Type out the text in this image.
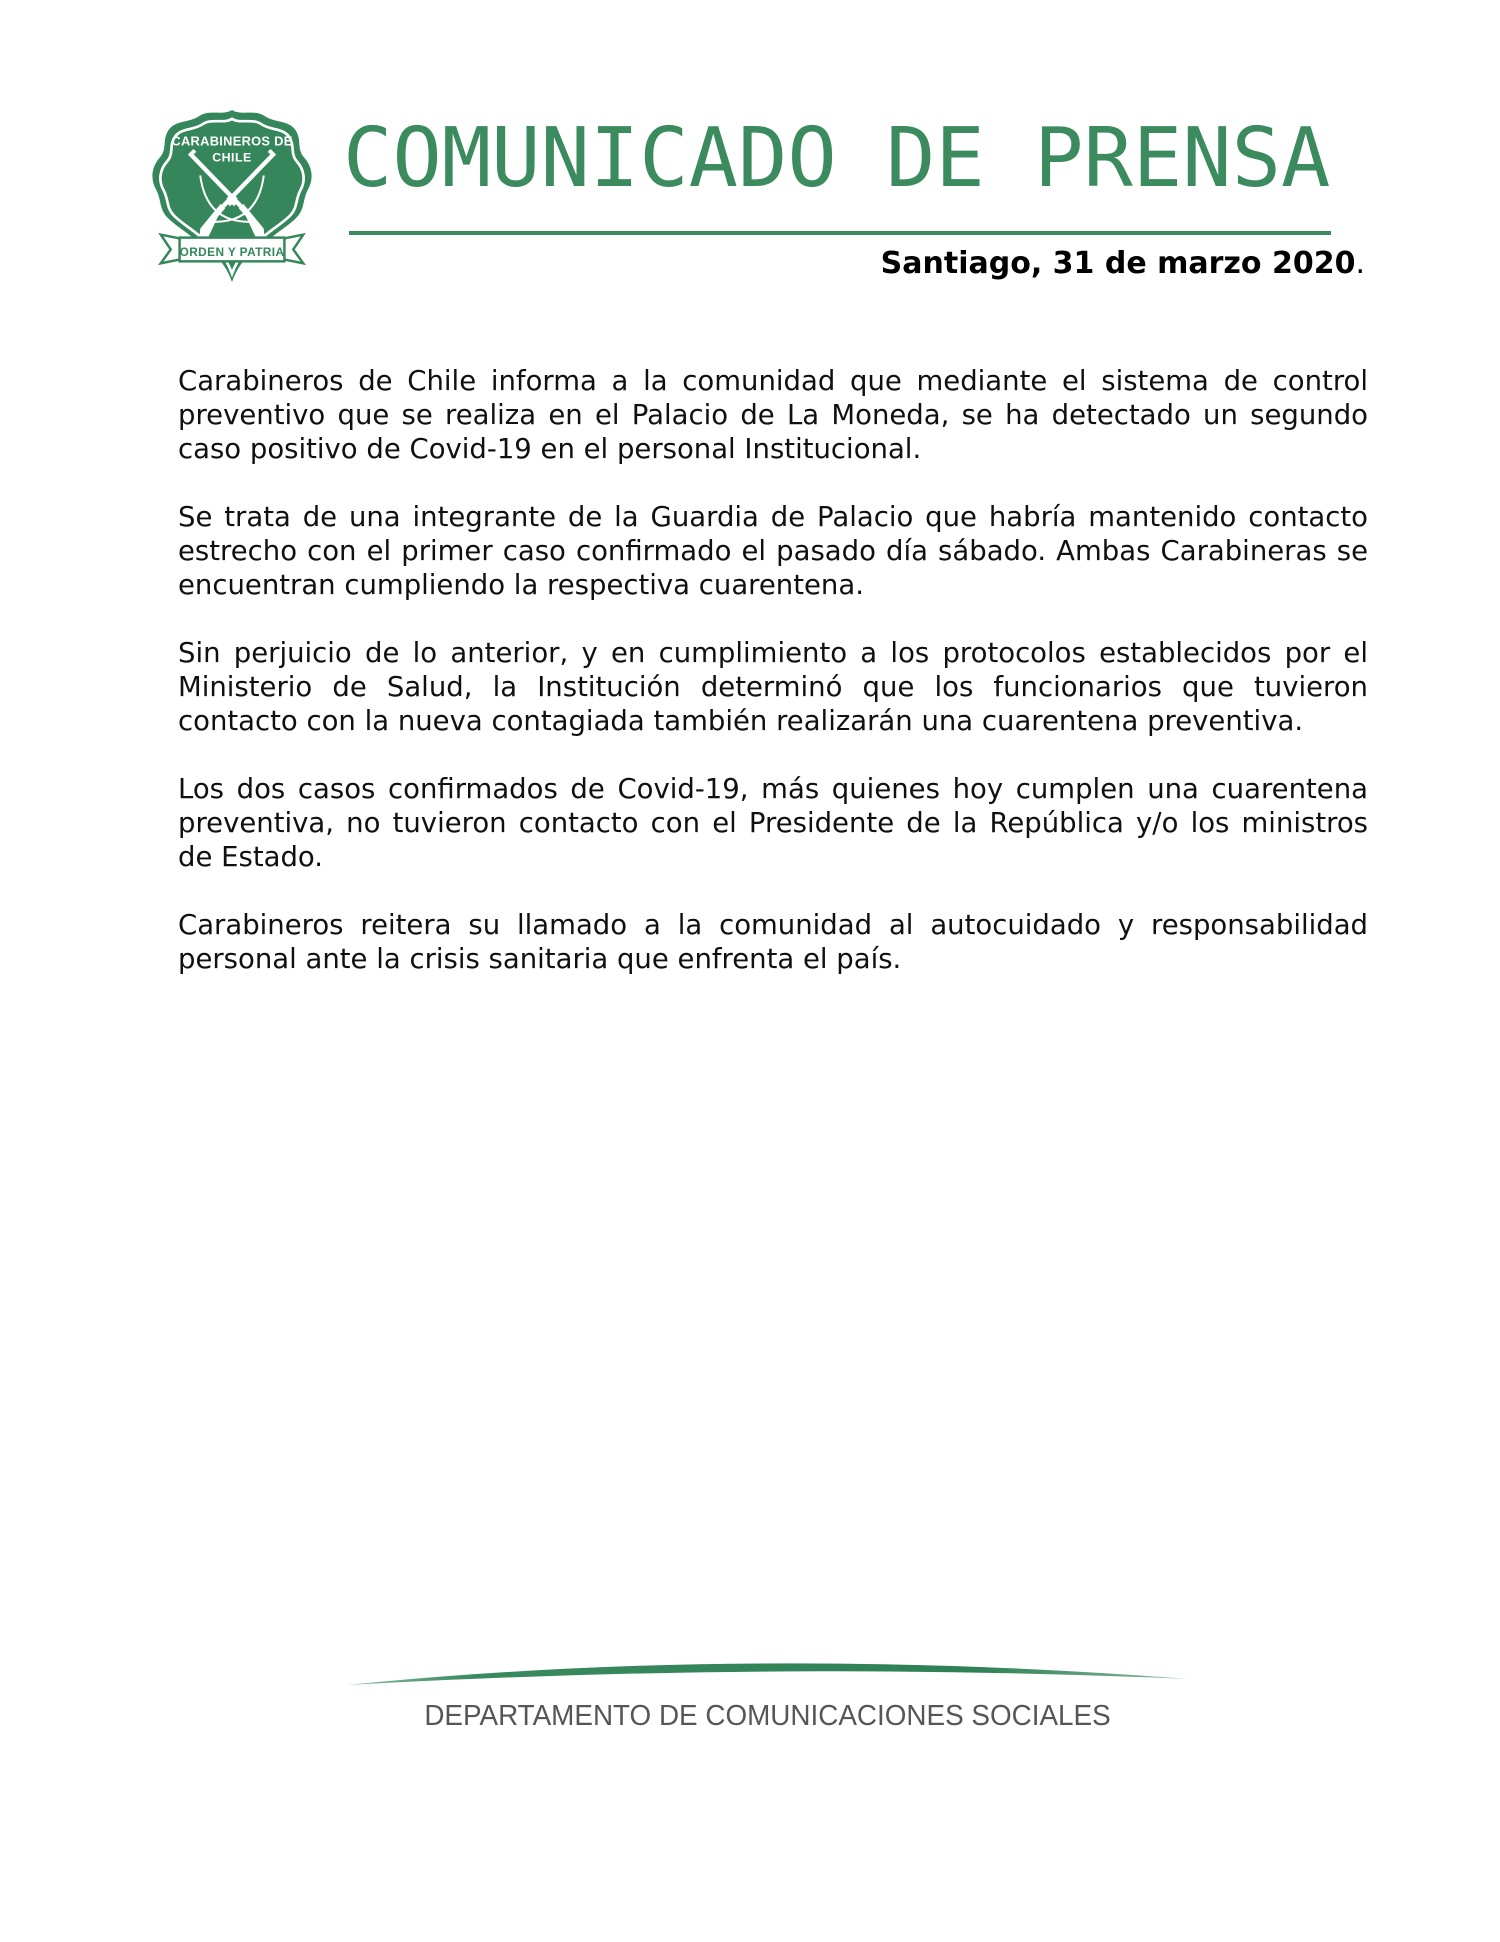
CARABINEROS DE
CHILE
ORDEN Y PATRIA
COMUNICADO DE PRENSA
Santiago, 31 de marzo 2020.

Carabineros de Chile informa a la comunidad que mediante el sistema de control preventivo que se realiza en el Palacio de La Moneda, se ha detectado un segundo caso positivo de Covid-19 en el personal Institucional.

Se trata de una integrante de la Guardia de Palacio que habría mantenido contacto estrecho con el primer caso confirmado el pasado día sábado. Ambas Carabineras se encuentran cumpliendo la respectiva cuarentena.

Sin perjuicio de lo anterior, y en cumplimiento a los protocolos establecidos por el Ministerio de Salud, la Institución determinó que los funcionarios que tuvieron contacto con la nueva contagiada también realizarán una cuarentena preventiva.

Los dos casos confirmados de Covid-19, más quienes hoy cumplen una cuarentena preventiva, no tuvieron contacto con el Presidente de la República y/o los ministros de Estado.

Carabineros reitera su llamado a la comunidad al autocuidado y responsabilidad personal ante la crisis sanitaria que enfrenta el país.

DEPARTAMENTO DE COMUNICACIONES SOCIALES
